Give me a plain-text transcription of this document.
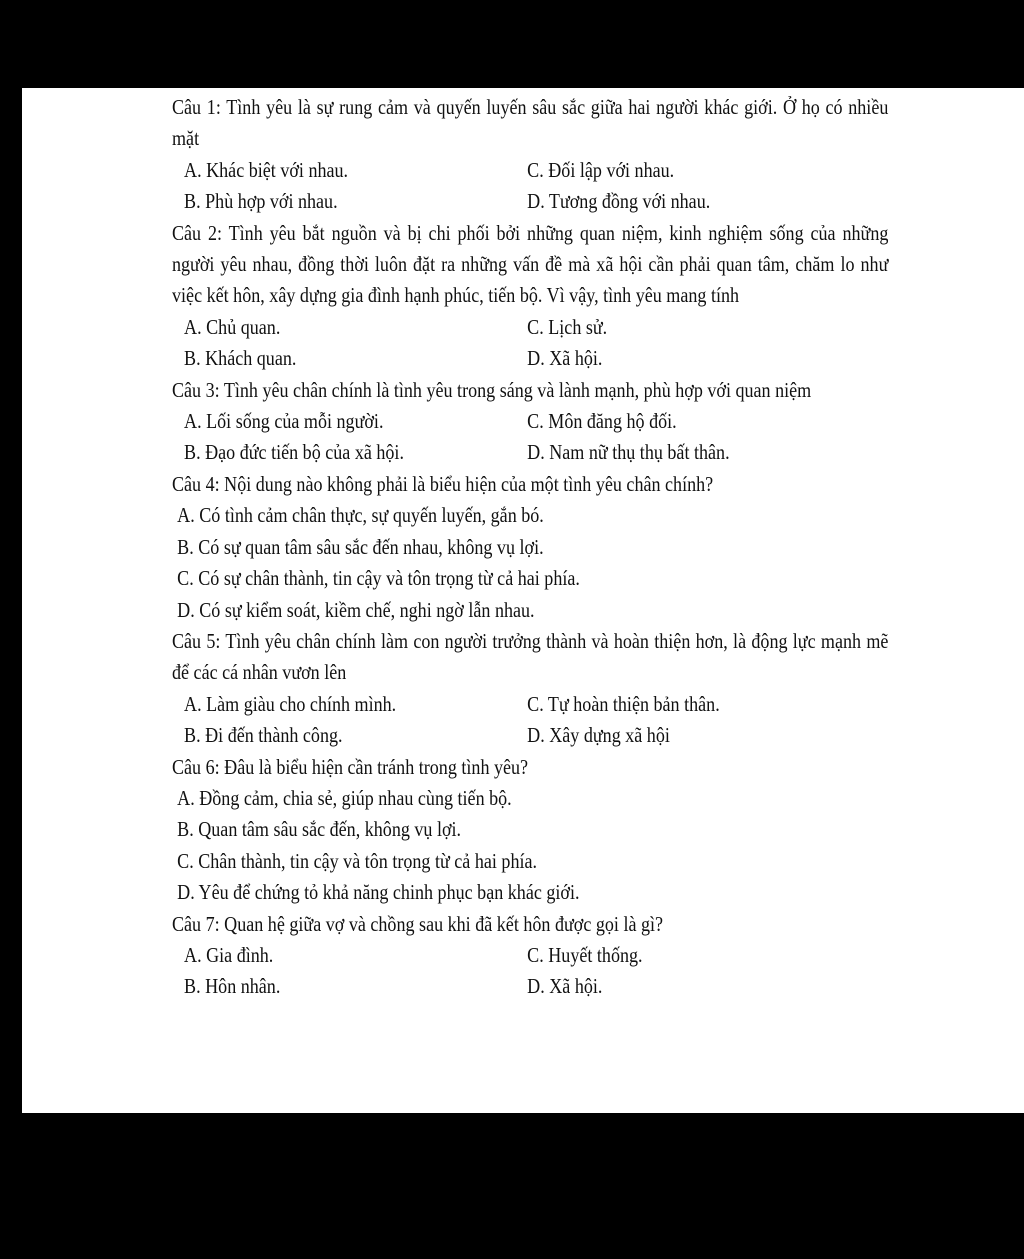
Câu 1: Tình yêu là sự rung cảm và quyến luyến sâu sắc giữa hai người khác giới. Ở họ có nhiều mặt
A. Khác biệt với nhau.	C. Đối lập với nhau.
B. Phù hợp với nhau.	D. Tương đồng với nhau.
Câu 2: Tình yêu bắt nguồn và bị chi phối bởi những quan niệm, kinh nghiệm sống của những người yêu nhau, đồng thời luôn đặt ra những vấn đề mà xã hội cần phải quan tâm, chăm lo như việc kết hôn, xây dựng gia đình hạnh phúc, tiến bộ. Vì vậy, tình yêu mang tính
A. Chủ quan.	C. Lịch sử.
B. Khách quan.	D. Xã hội.
Câu 3: Tình yêu chân chính là tình yêu trong sáng và lành mạnh, phù hợp với quan niệm
A. Lối sống của mỗi người.	C. Môn đăng hộ đối.
B. Đạo đức tiến bộ của xã hội.	D. Nam nữ thụ thụ bất thân.
Câu 4: Nội dung nào không phải là biểu hiện của một tình yêu chân chính?
A. Có tình cảm chân thực, sự quyến luyến, gắn bó.
B. Có sự quan tâm sâu sắc đến nhau, không vụ lợi.
C. Có sự chân thành, tin cậy và tôn trọng từ cả hai phía.
D. Có sự kiểm soát, kiềm chế, nghi ngờ lẫn nhau.
Câu 5: Tình yêu chân chính làm con người trưởng thành và hoàn thiện hơn, là động lực mạnh mẽ để các cá nhân vươn lên
A. Làm giàu cho chính mình.	C. Tự hoàn thiện bản thân.
B. Đi đến thành công.	D. Xây dựng xã hội
Câu 6: Đâu là biểu hiện cần tránh trong tình yêu?
A. Đồng cảm, chia sẻ, giúp nhau cùng tiến bộ.
B. Quan tâm sâu sắc đến, không vụ lợi.
C. Chân thành, tin cậy và tôn trọng từ cả hai phía.
D. Yêu để chứng tỏ khả năng chinh phục bạn khác giới.
Câu 7: Quan hệ giữa vợ và chồng sau khi đã kết hôn được gọi là gì?
A. Gia đình.	C. Huyết thống.
B. Hôn nhân.	D. Xã hội.
